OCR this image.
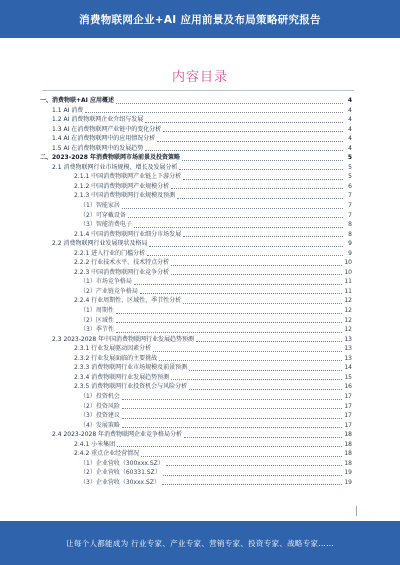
消费物联网企业+AI 应用前景及布局策略研究报告
内容目录
一、消费物联+AI 应用概述	4
1.1 AI 消费	4
1.2 AI 消费物联网企业介绍与发展	4
1.3 AI 在消费物联网产业链中的变化分析	4
1.4 AI 在消费物联网中的应用情况分析	4
1.5 AI 在消费物联网中的发展趋势	4
二、2023-2028 年消费物联网市场前景及投资策略	5
2.1 消费物联网行业市场规模、增长及发展分析	5
2.1.1 中国消费物联网产业链上下游分析	5
2.1.2 中国消费物联网产业规模分析	6
2.1.3 中国消费物联网行业规模及预测	7
（1）智能家居	7
（2）可穿戴设备	7
（3）智能消费电子	8
2.1.4 中国消费物联网行业细分市场发展	8
2.2 消费物联网行业发展现状及格局	9
2.2.1 进入行业的门槛分析	9
2.2.2 行业技术水平、技术特点分析	10
2.2.3 中国消费物联网行业竞争分析	10
（1）市场竞争格局	11
（2）产业链竞争格局	11
2.2.4 行业周期性、区域性、季节性分析	12
（1）周期性	12
（2）区域性	12
（3）季节性	12
2.3 2023-2028 年中国消费物联网行业发展趋势预测	13
2.3.1 行业发展驱动因素分析	13
2.3.2 行业发展面临的主要挑战	13
2.3.3 消费物联网行业市场规模及前景预测	14
2.3.4 消费物联网行业发展趋势预测	15
2.3.5 消费物联网行业投资机会与风险分析	16
（1）投资机会	17
（2）投资风险	17
（3）投资建议	17
（4）发展策略	17
2.4 2023-2028 年消费物联网企业竞争格局分析	18
2.4.1 小米集团	18
2.4.2 重点企业经营情况	18
（1）企业营收（300xxx.SZ）	18
（2）企业营收（60331.SZ）	19
（3）企业营收（30xxx.SZ）	19
让每个人都能成为 行业专家、产业专家、营销专家、投资专家、战略专家……
